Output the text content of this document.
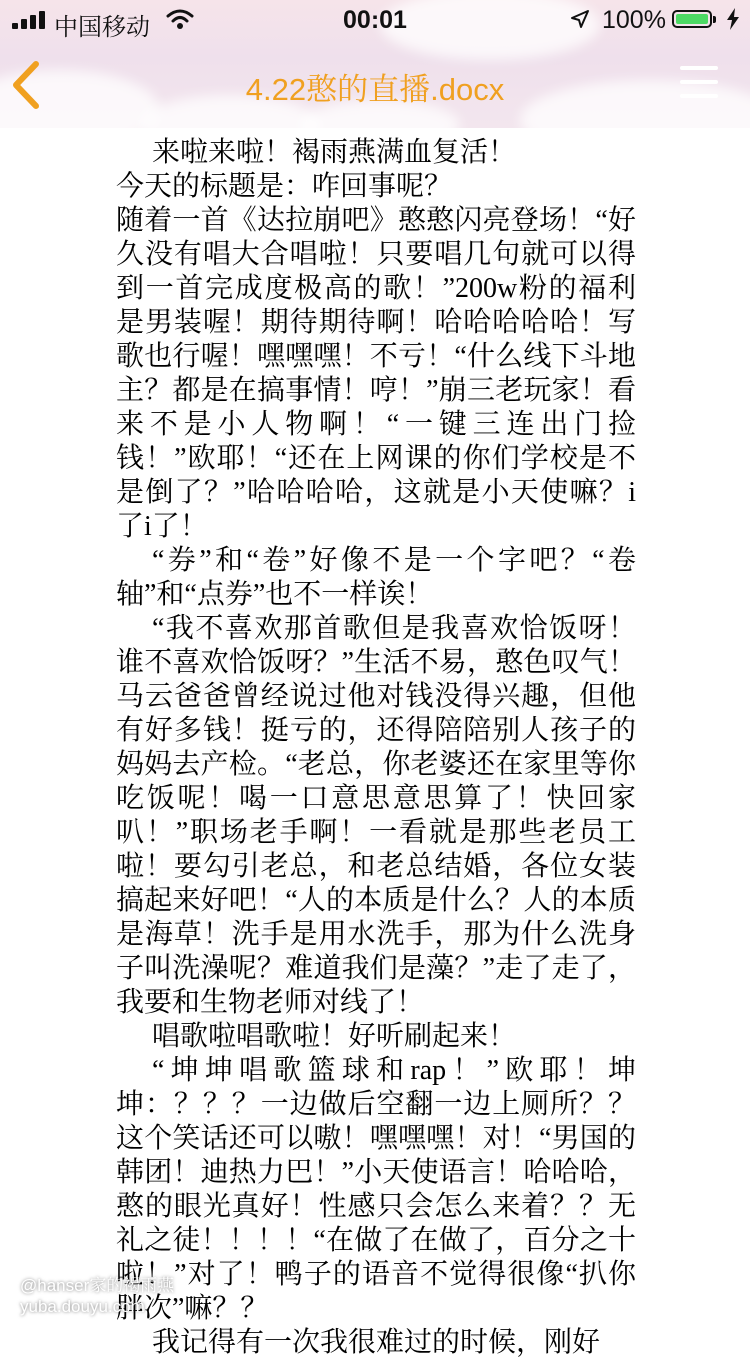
中国移动	00:01	100%
4.22憨的直播.docx

来啦来啦！褐雨燕满血复活！

今天的标题是：咋回事呢？

随着一首《达拉崩吧》憨憨闪亮登场！“好久没有唱大合唱啦！只要唱几句就可以得到一首完成度极高的歌！”200w粉的福利是男装喔！期待期待啊！哈哈哈哈哈！写歌也行喔！嘿嘿嘿！不亏！“什么线下斗地主？都是在搞事情！哼！”崩三老玩家！看来不是小人物啊！“一键三连出门捡钱！”欧耶！“还在上网课的你们学校是不是倒了？”哈哈哈哈，这就是小天使嘛？i了i了！

“券”和“卷”好像不是一个字吧？“卷轴”和“点券”也不一样诶！

“我不喜欢那首歌但是我喜欢恰饭呀！谁不喜欢恰饭呀？”生活不易，憨色叹气！马云爸爸曾经说过他对钱没得兴趣，但他有好多钱！挺亏的，还得陪陪别人孩子的妈妈去产检。“老总，你老婆还在家里等你吃饭呢！喝一口意思意思算了！快回家叭！”职场老手啊！一看就是那些老员工啦！要勾引老总，和老总结婚，各位女装搞起来好吧！“人的本质是什么？人的本质是海草！洗手是用水洗手，那为什么洗身子叫洗澡呢？难道我们是藻？”走了走了，我要和生物老师对线了！

唱歌啦唱歌啦！好听刷起来！

“坤坤唱歌篮球和rap！”欧耶！坤坤：？？？一边做后空翻一边上厕所？？这个笑话还可以嗷！嘿嘿嘿！对！“男国的韩团！迪热力巴！”小天使语言！哈哈哈，憨的眼光真好！性感只会怎么来着？？无礼之徒！！！！“在做了在做了，百分之十啦！”对了！鸭子的语音不觉得很像“扒你胖次”嘛？？

我记得有一次我很难过的时候，刚好

@hanser家的褐雨燕
yuba.douyu.com
